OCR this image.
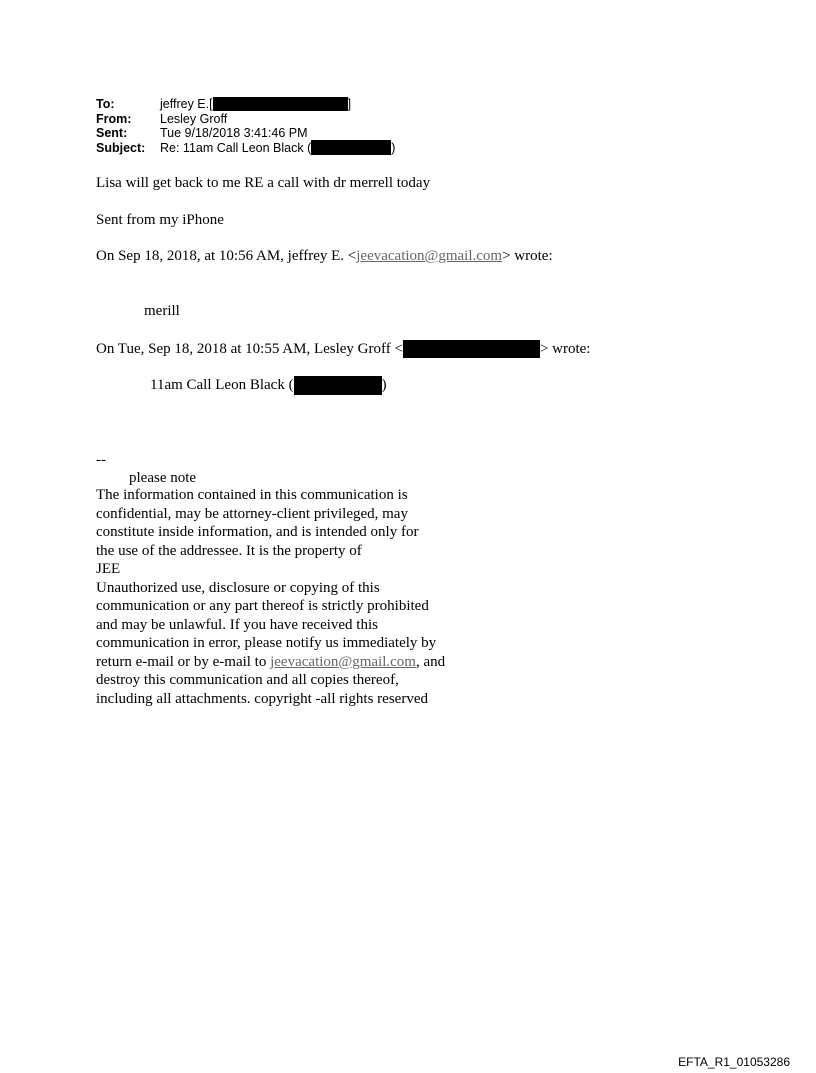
To:	jeffrey E.[	]
From:	Lesley Groff
Sent:	Tue 9/18/2018 3:41:46 PM
Subject:	Re: 11am Call Leon Black (	)
Lisa will get back to me RE a call with dr merrell today
Sent from my iPhone
On Sep 18, 2018, at 10:56 AM, jeffrey E. <jeevacation@gmail.com> wrote:
merill
On Tue, Sep 18, 2018 at 10:55 AM, Lesley Groff <	> wrote:
11am Call Leon Black (	)
--
please note
The information contained in this communication is
confidential, may be attorney-client privileged, may
constitute inside information, and is intended only for
the use of the addressee. It is the property of
JEE
Unauthorized use, disclosure or copying of this
communication or any part thereof is strictly prohibited
and may be unlawful. If you have received this
communication in error, please notify us immediately by
return e-mail or by e-mail to jeevacation@gmail.com, and
destroy this communication and all copies thereof,
including all attachments. copyright -all rights reserved
EFTA_R1_01053286
